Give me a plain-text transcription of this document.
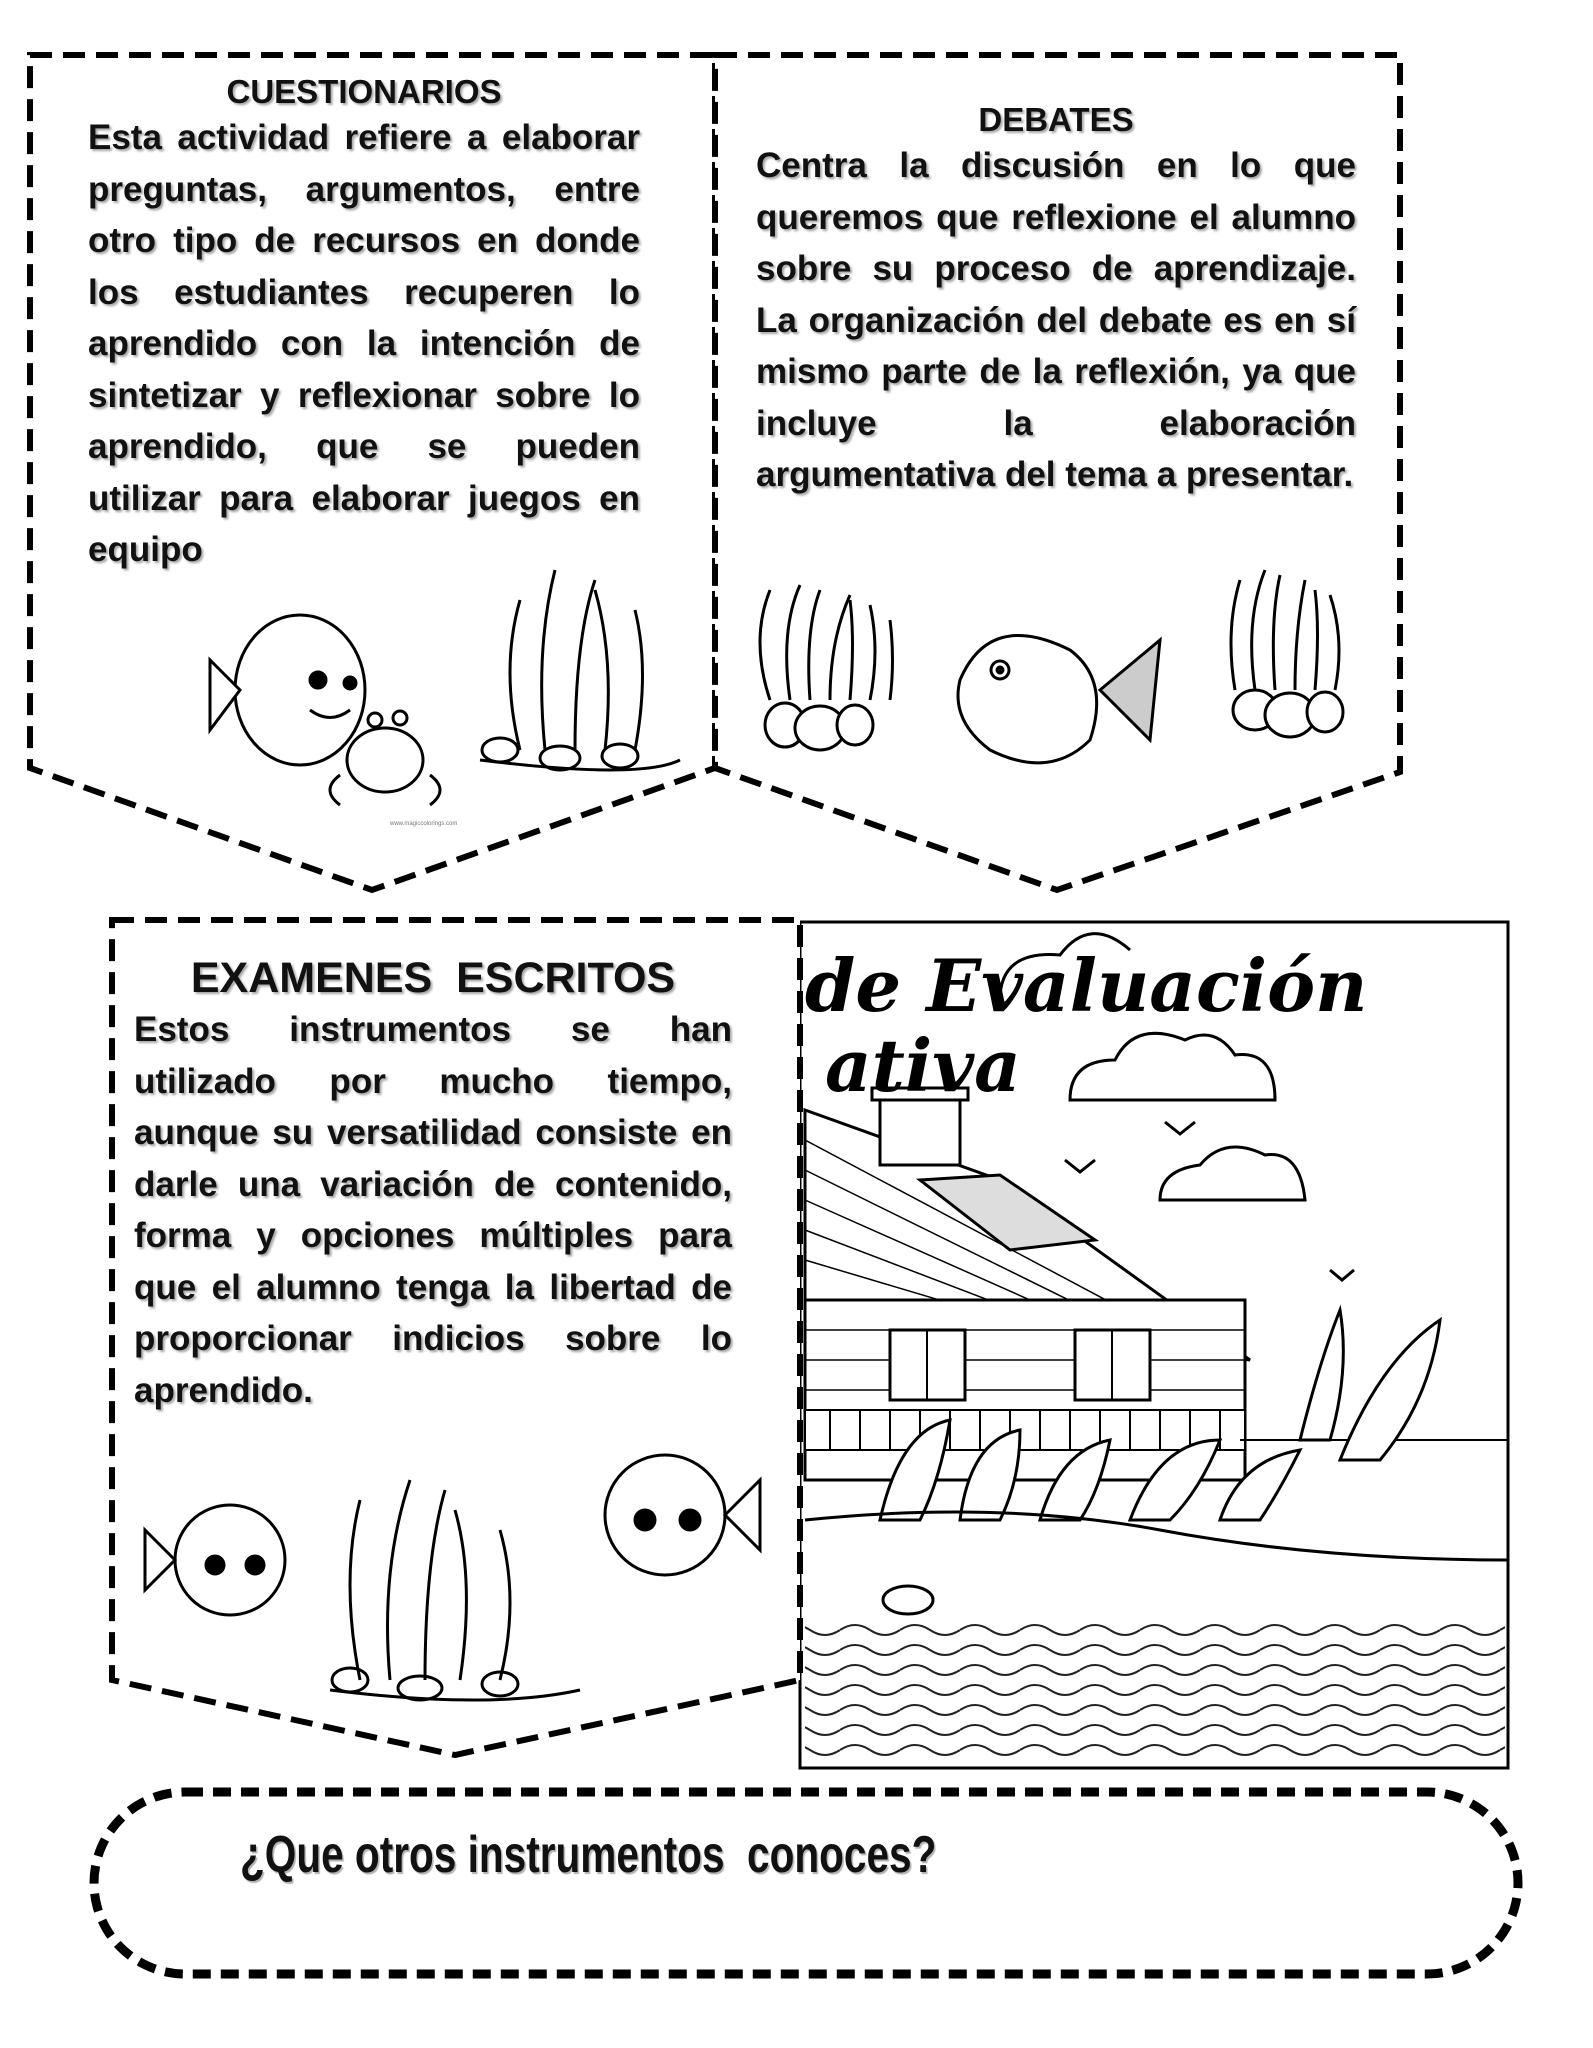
CUESTIONARIOS

Esta actividad refiere a elaborar preguntas, argumentos, entre otro tipo de recursos en donde los estudiantes recuperen lo aprendido con la intención de sintetizar y reflexionar sobre lo aprendido, que se pueden utilizar para elaborar juegos en equipo

www.magiccolorings.com

DEBATES

Centra la discusión en lo que queremos que reflexione el alumno sobre su proceso de aprendizaje. La organización del debate es en sí mismo parte de la reflexión, ya que incluye la elaboración argumentativa del tema a presentar.

EXAMENES  ESCRITOS

Estos instrumentos se han utilizado por mucho tiempo, aunque su versatilidad consiste en darle una variación de contenido, forma y opciones múltiples para que el alumno tenga la libertad de proporcionar indicios sobre lo aprendido.

de Evaluación
ativa
¿Que otros instrumentos  conoces?
